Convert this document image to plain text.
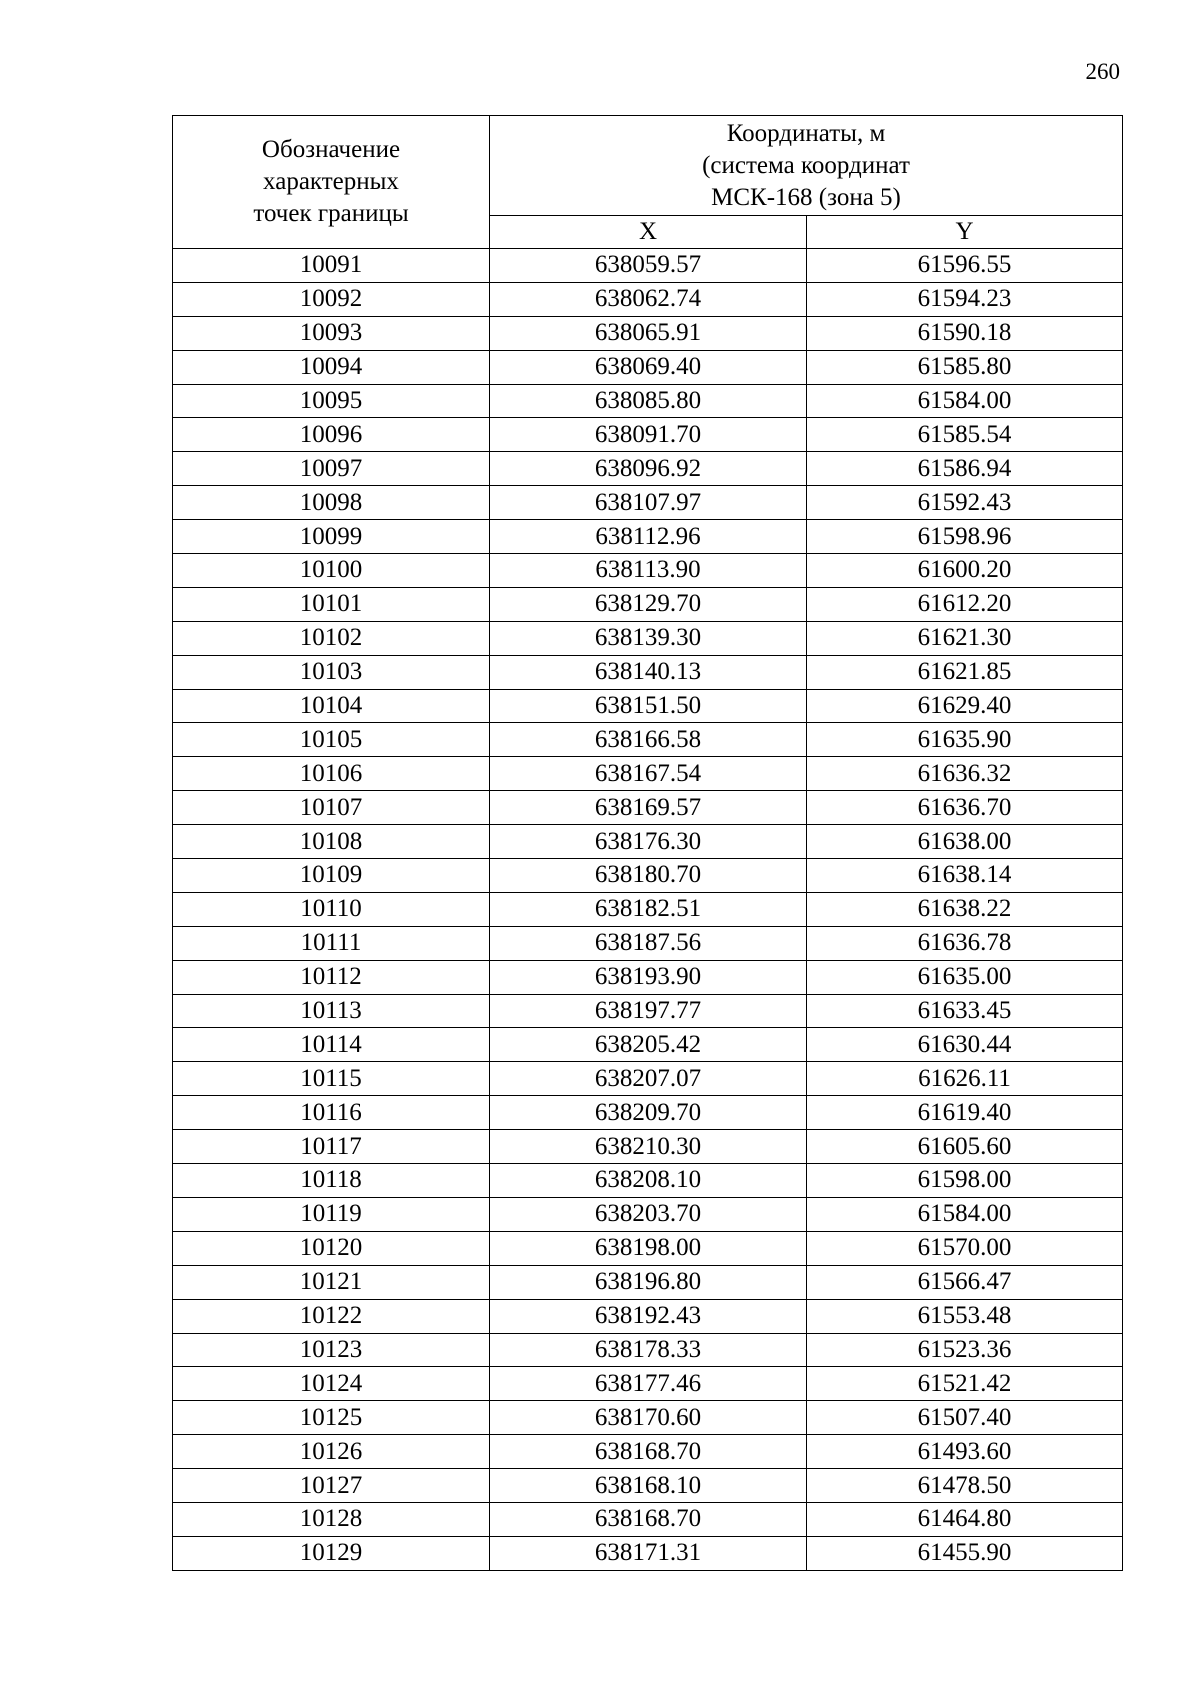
260
Обозначение
характерных
точек границы	Координаты, м
(система координат
МСК-168 (зона 5)	

	X	Y
10091	638059.57	61596.55
10092	638062.74	61594.23
10093	638065.91	61590.18
10094	638069.40	61585.80
10095	638085.80	61584.00
10096	638091.70	61585.54
10097	638096.92	61586.94
10098	638107.97	61592.43
10099	638112.96	61598.96
10100	638113.90	61600.20
10101	638129.70	61612.20
10102	638139.30	61621.30
10103	638140.13	61621.85
10104	638151.50	61629.40
10105	638166.58	61635.90
10106	638167.54	61636.32
10107	638169.57	61636.70
10108	638176.30	61638.00
10109	638180.70	61638.14
10110	638182.51	61638.22
10111	638187.56	61636.78
10112	638193.90	61635.00
10113	638197.77	61633.45
10114	638205.42	61630.44
10115	638207.07	61626.11
10116	638209.70	61619.40
10117	638210.30	61605.60
10118	638208.10	61598.00
10119	638203.70	61584.00
10120	638198.00	61570.00
10121	638196.80	61566.47
10122	638192.43	61553.48
10123	638178.33	61523.36
10124	638177.46	61521.42
10125	638170.60	61507.40
10126	638168.70	61493.60
10127	638168.10	61478.50
10128	638168.70	61464.80
10129	638171.31	61455.90
